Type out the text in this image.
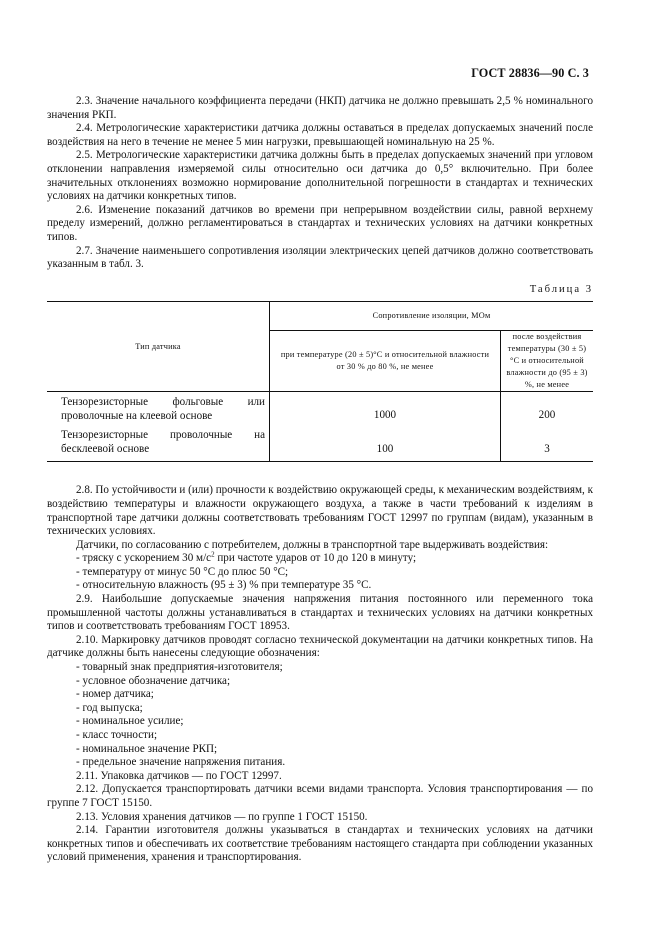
ГОСТ 28836—90 С. 3

2.3. Значение начального коэффициента передачи (НКП) датчика не должно превышать 2,5 % номинального значения РКП.

2.4. Метрологические характеристики датчика должны оставаться в пределах допускаемых значений после воздействия на него в течение не менее 5 мин нагрузки, превышающей номинальную на 25 %.

2.5. Метрологические характеристики датчика должны быть в пределах допускаемых значений при угловом отклонении направления измеряемой силы относительно оси датчика до 0,5° включительно. При более значительных отклонениях возможно нормирование дополнительной погрешности в стандартах и технических условиях на датчики конкретных типов.

2.6. Изменение показаний датчиков во времени при непрерывном воздействии силы, равной верхнему пределу измерений, должно регламентироваться в стандартах и технических условиях на датчики конкретных типов.

2.7. Значение наименьшего сопротивления изоляции электрических цепей датчиков должно соответствовать указанным в табл. 3.

Таблица 3
Тип датчика	Сопротивление изоляции, МОм	
	при температуре (20 ± 5)°С и относительной влажности от 30 % до 80 %, не менее	после воздействия температуры (30 ± 5) °С и относительной влажности до (95 ± 3) %, не менее

Тензорезисторные фольговые или проволочные на клеевой основе	1000	200

Тензорезисторные проволочные на бесклеевой основе	100	3

2.8. По устойчивости и (или) прочности к воздействию окружающей среды, к механическим воздействиям, к воздействию температуры и влажности окружающего воздуха, а также в части требований к изделиям в транспортной таре датчики должны соответствовать требованиям ГОСТ 12997 по группам (видам), указанным в технических условиях.

Датчики, по согласованию с потребителем, должны в транспортной таре выдерживать воздействия:

- тряску с ускорением 30 $м/с^2$ при частоте ударов от 10 до 120 в минуту;

- температуру от минус 50 °С до плюс 50 °С;

- относительную влажность (95 ± 3) % при температуре 35 °С.

2.9. Наибольшие допускаемые значения напряжения питания постоянного или переменного тока промышленной частоты должны устанавливаться в стандартах и технических условиях на датчики конкретных типов и соответствовать требованиям ГОСТ 18953.

2.10. Маркировку датчиков проводят согласно технической документации на датчики конкретных типов. На датчике должны быть нанесены следующие обозначения:

- товарный знак предприятия-изготовителя;

- условное обозначение датчика;

- номер датчика;

- год выпуска;

- номинальное усилие;

- класс точности;

- номинальное значение РКП;

- предельное значение напряжения питания.

2.11. Упаковка датчиков — по ГОСТ 12997.

2.12. Допускается транспортировать датчики всеми видами транспорта. Условия транспортирования — по группе 7 ГОСТ 15150.

2.13. Условия хранения датчиков — по группе 1 ГОСТ 15150.

2.14. Гарантии изготовителя должны указываться в стандартах и технических условиях на датчики конкретных типов и обеспечивать их соответствие требованиям настоящего стандарта при соблюдении указанных условий применения, хранения и транспортирования.
